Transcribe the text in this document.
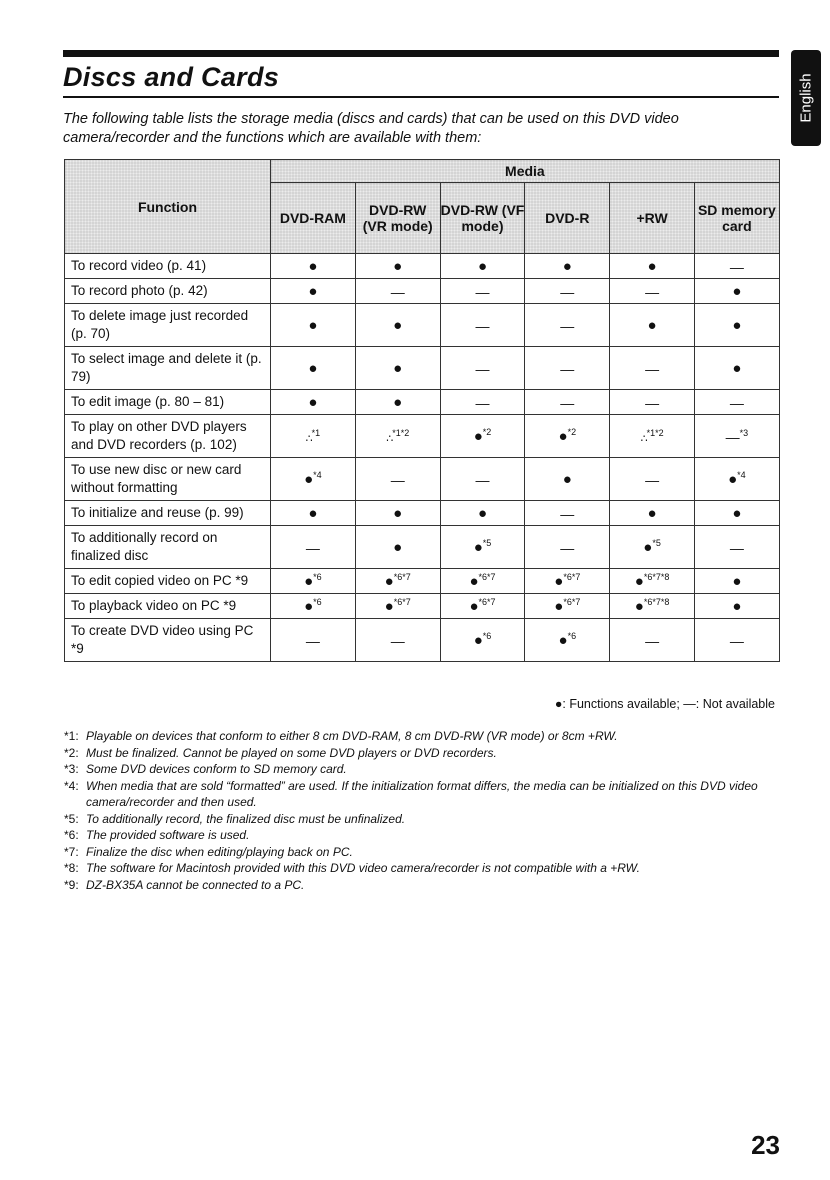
Discs and Cards

The following table lists the storage media (discs and cards) that can be used on this DVD video camera/recorder and the functions which are available with them:

English
Function	Media					
	DVD-RAM	DVD-RW (VR mode)	DVD-RW (VF mode)	DVD-R	+RW	SD memory card
To record video (p. 41)	●	●	●	●	●	—
To record photo (p. 42)	●	—	—	—	—	●
To delete image just recorded (p. 70)	●	●	—	—	●	●
To select image and delete it (p. 79)	●	●	—	—	—	●
To edit image (p. 80 – 81)	●	●	—	—	—	—
To play on other DVD players and DVD recorders (p. 102)	∴$^{*1}$	∴$^{*1*2}$	●$^{*2}$	●$^{*2}$	∴$^{*1*2}$	—$^{*3}$
To use new disc or new card without formatting	●$^{*4}$	—	—	●	—	●$^{*4}$
To initialize and reuse (p. 99)	●	●	●	—	●	●
To additionally record on finalized disc	—	●	●$^{*5}$	—	●$^{*5}$	—
To edit copied video on PC *9	●$^{*6}$	●$^{*6*7}$	●$^{*6*7}$	●$^{*6*7}$	●$^{*6*7*8}$	●
To playback video on PC *9	●$^{*6}$	●$^{*6*7}$	●$^{*6*7}$	●$^{*6*7}$	●$^{*6*7*8}$	●
To create DVD video using PC *9	—	—	●$^{*6}$	●$^{*6}$	—	—

●: Functions available; —: Not available

*1: Playable on devices that conform to either 8 cm DVD-RAM, 8 cm DVD-RW (VR mode) or 8cm +RW.
*2: Must be finalized. Cannot be played on some DVD players or DVD recorders.
*3: Some DVD devices conform to SD memory card.
*4: When media that are sold “formatted” are used. If the initialization format differs, the media can be initialized on this DVD video camera/recorder and then used.
*5: To additionally record, the finalized disc must be unfinalized.
*6: The provided software is used.
*7: Finalize the disc when editing/playing back on PC.
*8: The software for Macintosh provided with this DVD video camera/recorder is not compatible with a +RW.
*9: DZ-BX35A cannot be connected to a PC.

23
